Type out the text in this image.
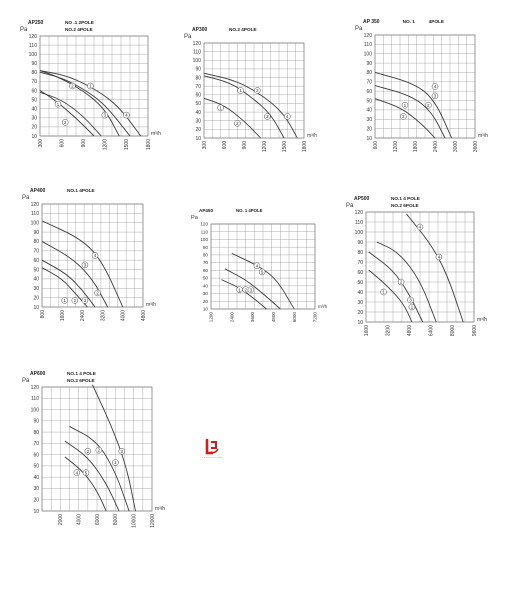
10
20
30
40
50
60
70
80
90
100
110
120
300	600	900	1200	1500	1800
Pa
m³/h
AP250	NO .1 2POLE
NO.2 4POLE
1
2
3	4
1
2
10
20
30
40
50
60
70
80
90
100
110
120
300	600	900	1200	1500	1800
Pa
m³/h
AP300	NO.2 4POLE
1	2
3	4
1
2
10
20
30
40
50
60
70
80
90
100
110
120
600	1200	1800	2400	3000	3600
Pa
m³/h
AP 350	NO. 1	4POLE
4
3
2
1
2
10
20
30
40
50
60
70
80
90
100
110
120
800	1600	2400	3200	4000	4800
Pa
m³/h
AP400	NO.1 4POLE
4
3
2
1 2 3
10
20
30
40
50
60
70
80
90
100
110
120
1200	2400	3600	4800	6000	7200
Pa
m³/h
AP450	NO. 1 4POLE
4
5
1 2 3
10
20
30
40
50
60
70
80
90
100
110
120
1600	3200	4800	6400	8000	9600
Pa
m³/h
AP500	NO.1 4 POLE
NO.2 6POLE
4
4
2
1
3
1
10
20
30
40
50
60
70
80
90
100
110
120
2000 4000 6000 8000 10000 12000
Pa
m³/h
AP600	NO.1 4 POLE
NO.2 6POLE
3
2
2
1
4 5
~~~~~~~~~~
